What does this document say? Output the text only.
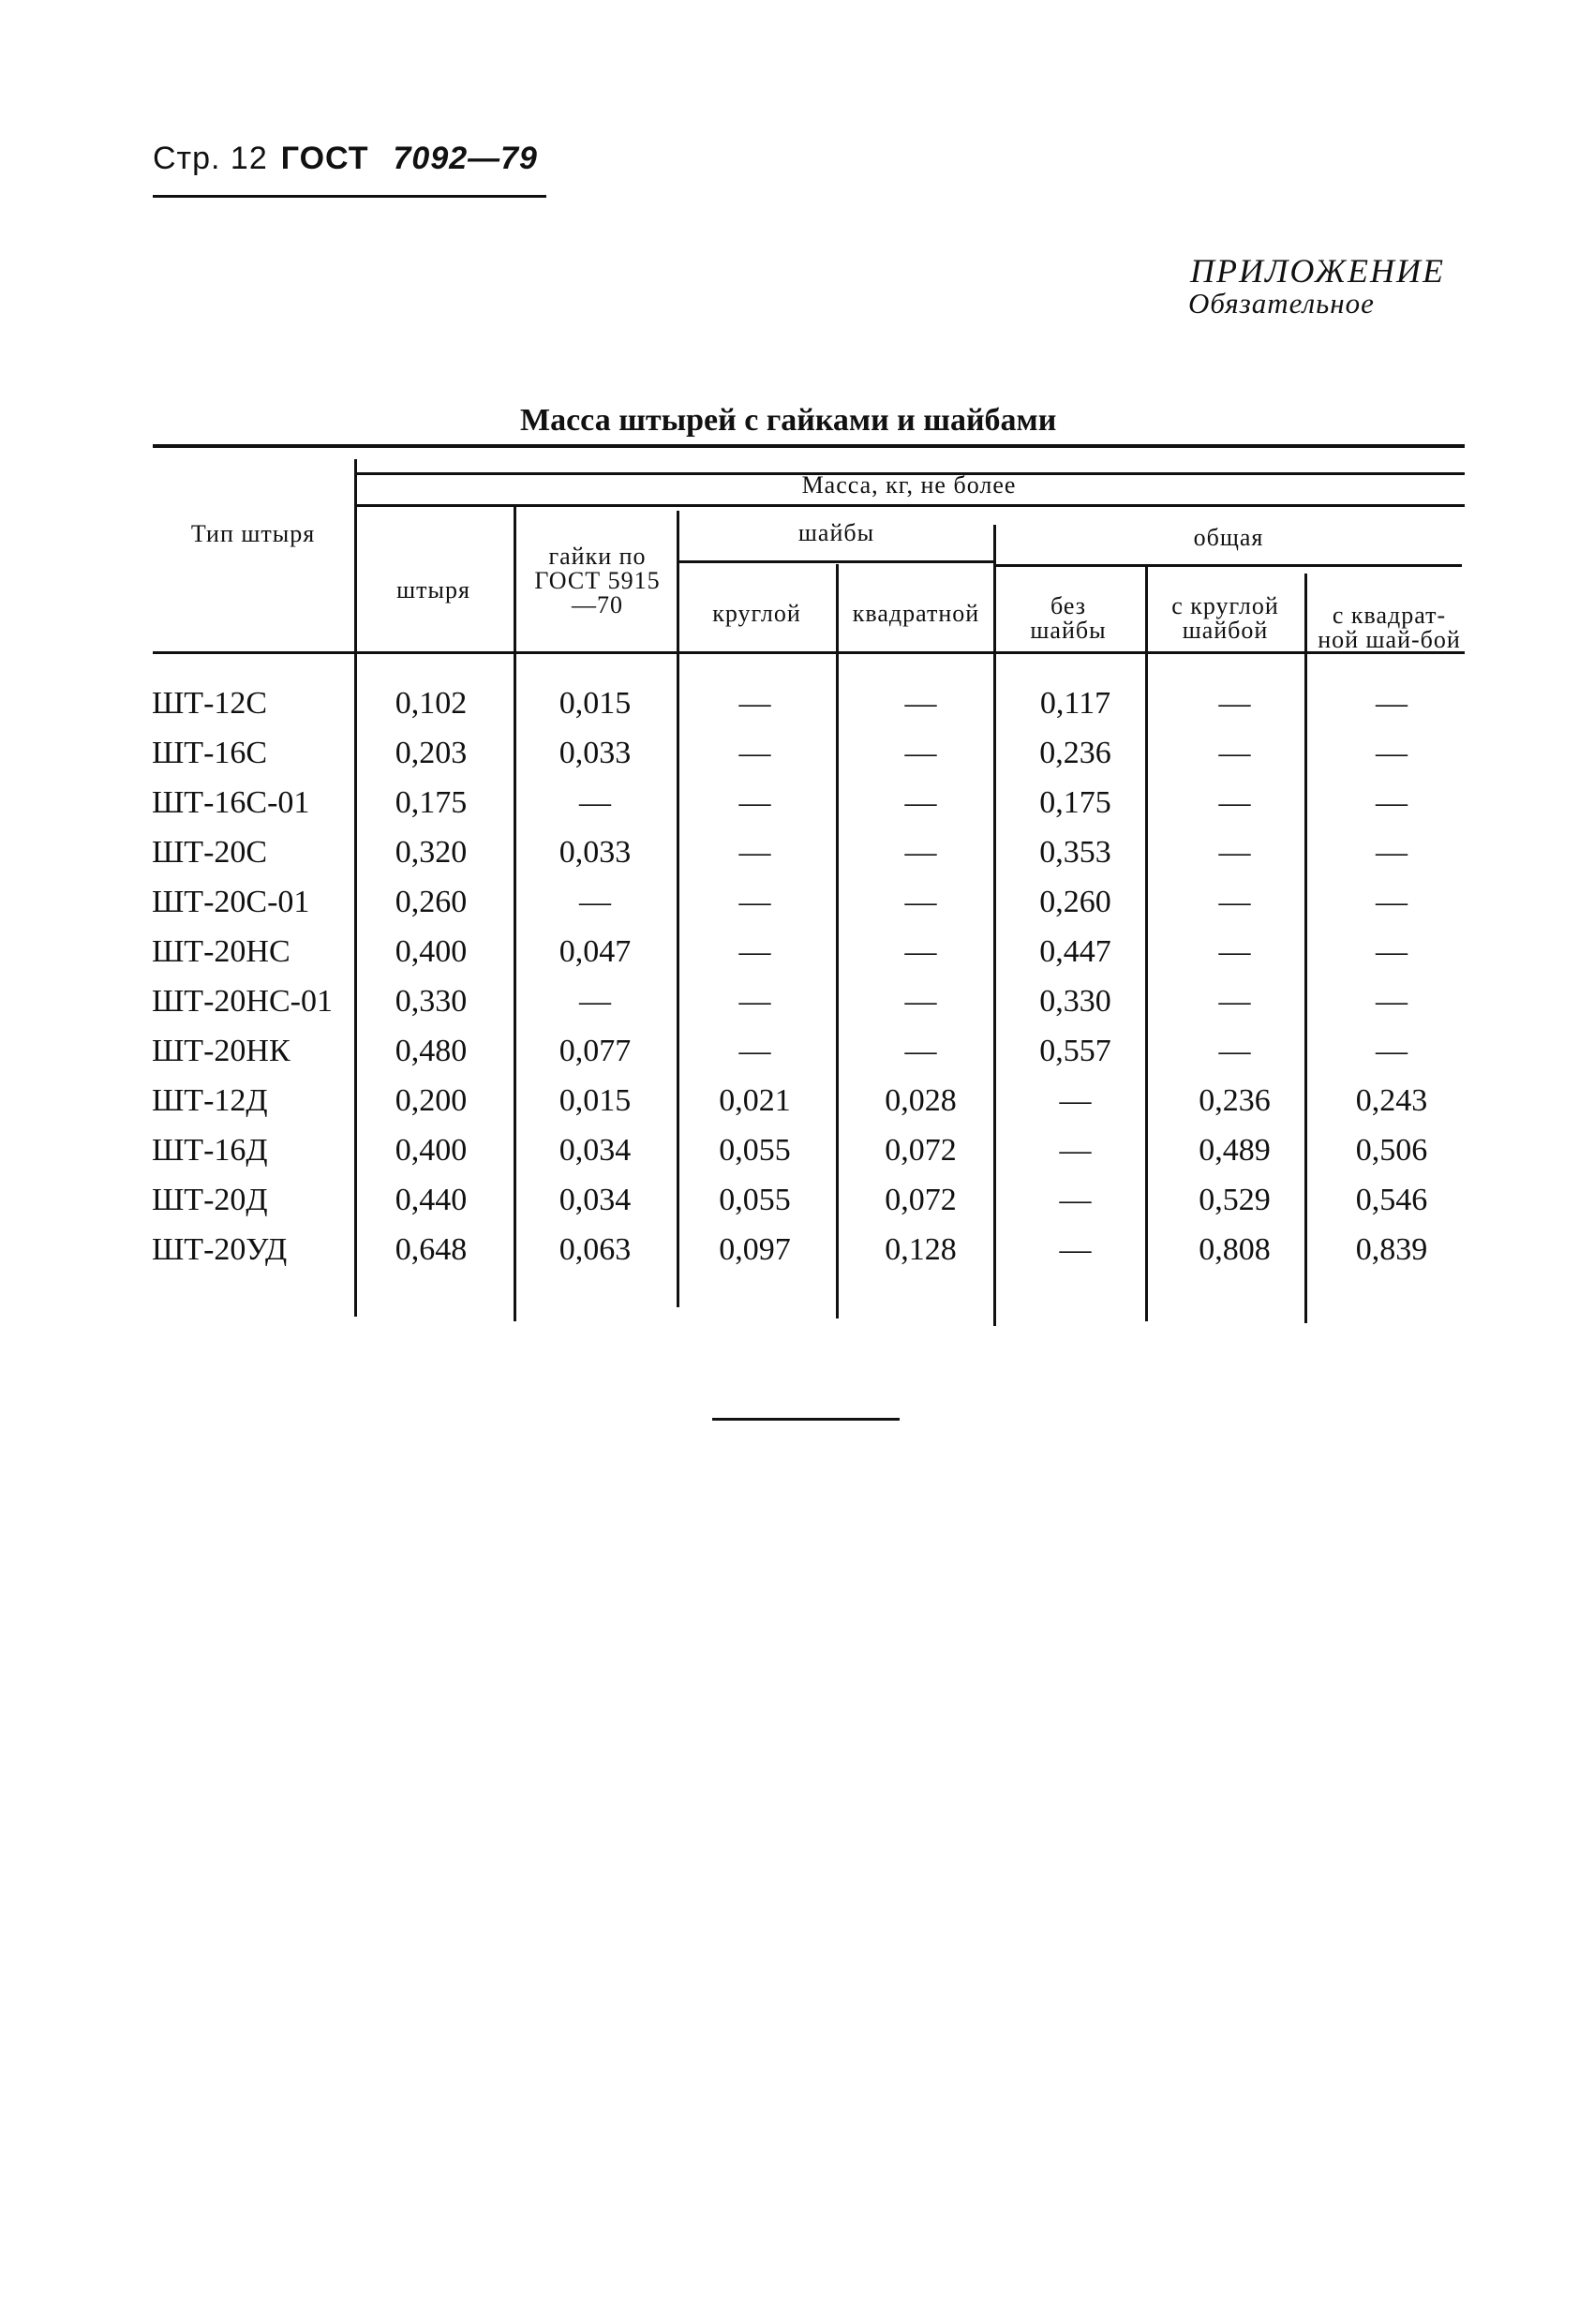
Стр. 12 ГОСТ 7092—79
ПРИЛОЖЕНИЕ
Обязательное
Масса штырей с гайками и шайбами
Тип штыря
Масса, кг, не более
штыря
гайки по ГОСТ 5915—70
шайбы
круглой	квадратной
общая
без шайбы
с круглой шайбой
с квадрат-ной шай-бой
ШТ-12С	0,102	0,015	—	—	0,117	—	—
ШТ-16С	0,203	0,033	—	—	0,236	—	—
ШТ-16С-01	0,175	—	—	—	0,175	—	—
ШТ-20С	0,320	0,033	—	—	0,353	—	—
ШТ-20С-01	0,260	—	—	—	0,260	—	—
ШТ-20НС	0,400	0,047	—	—	0,447	—	—
ШТ-20НС-01	0,330	—	—	—	0,330	—	—
ШТ-20НК	0,480	0,077	—	—	0,557	—	—
ШТ-12Д	0,200	0,015	0,021	0,028	—	0,236	0,243
ШТ-16Д	0,400	0,034	0,055	0,072	—	0,489	0,506
ШТ-20Д	0,440	0,034	0,055	0,072	—	0,529	0,546
ШТ-20УД	0,648	0,063	0,097	0,128	—	0,808	0,839
